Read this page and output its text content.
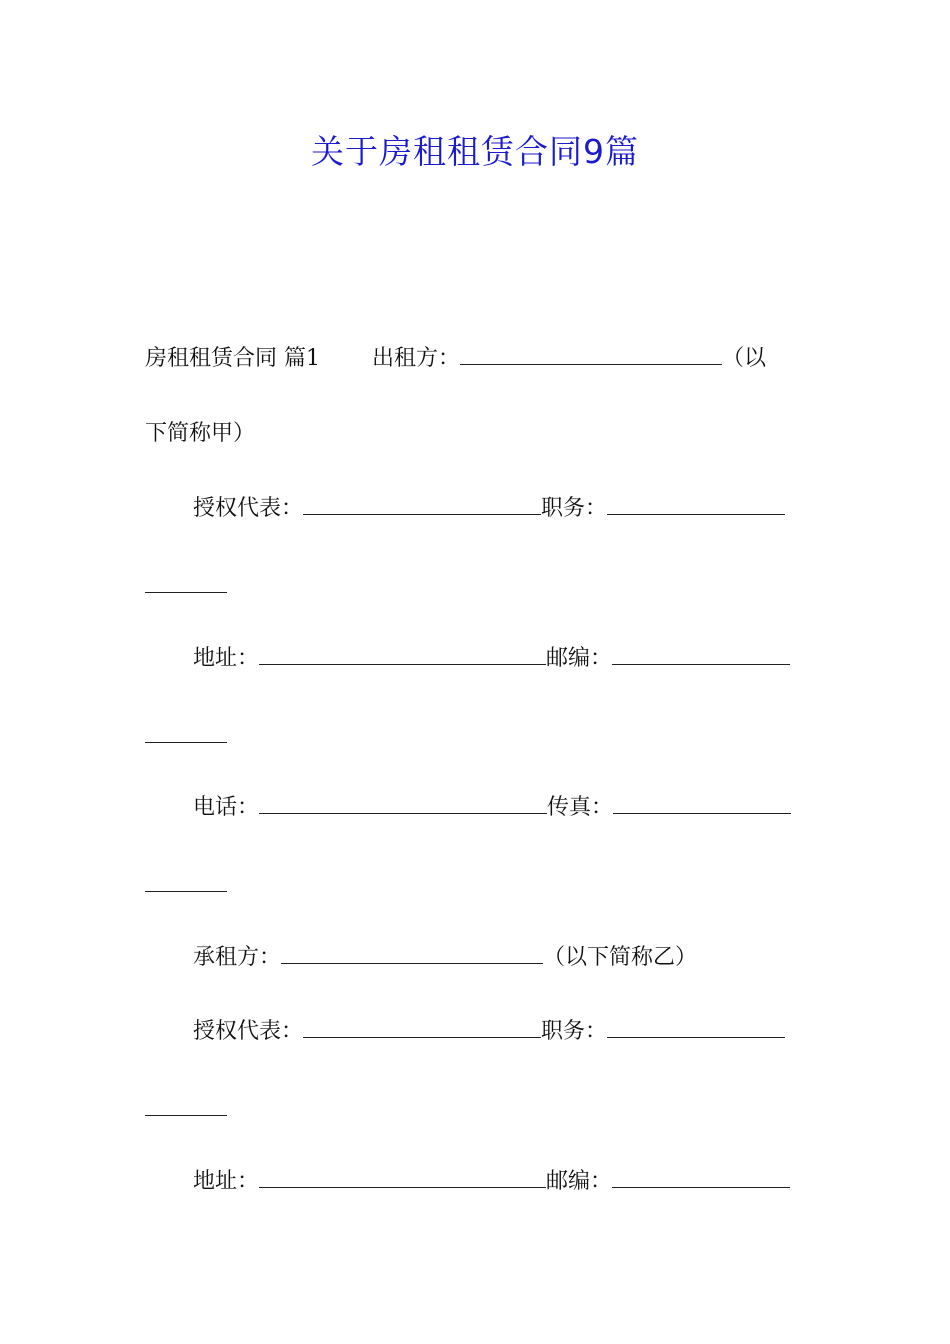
关于房租租赁合同9篇
房租租赁合同 篇1 出租方：	（以
下简称甲）
授权代表：	职务：
地址：	邮编：
电话：	传真：
承租方：	（以下简称乙）
授权代表：	职务：
地址：	邮编：
